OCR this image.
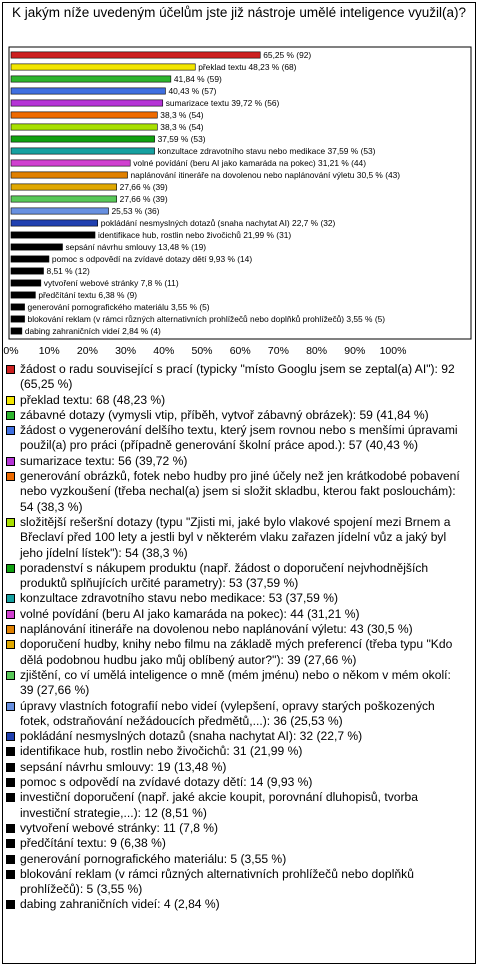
K jakým níže uvedeným účelům jste již nástroje umělé inteligence využil(a)?
65,25 % (92)
překlad textu 48,23 % (68)
41,84 % (59)
40,43 % (57)
sumarizace textu 39,72 % (56)
38,3 % (54)
38,3 % (54)
37,59 % (53)
konzultace zdravotního stavu nebo medikace 37,59 % (53)
volné povídání (beru AI jako kamaráda na pokec) 31,21 % (44)
naplánování itineráře na dovolenou nebo naplánování výletu 30,5 % (43)
27,66 % (39)
27,66 % (39)
25,53 % (36)
pokládání nesmyslných dotazů (snaha nachytat AI) 22,7 % (32)
identifikace hub, rostlin nebo živočichů 21,99 % (31)
sepsání návrhu smlouvy 13,48 % (19)
pomoc s odpovědí na zvídavé dotazy dětí 9,93 % (14)
8,51 % (12)
vytvoření webové stránky 7,8 % (11)
předčítání textu 6,38 % (9)
generování pornografického materiálu 3,55 % (5)
blokování reklam (v rámci různých alternativních prohlížečů nebo doplňků prohlížečů) 3,55 % (5)
dabing zahraničních videí 2,84 % (4)
0% 10% 20% 30% 40% 50% 60% 70% 80% 90% 100%
žádost o radu související s prací (typicky "místo Googlu jsem se zeptal(a) AI"): 92 (65,25 %)
překlad textu: 68 (48,23 %)
zábavné dotazy (vymysli vtip, příběh, vytvoř zábavný obrázek): 59 (41,84 %)
žádost o vygenerování delšího textu, který jsem rovnou nebo s menšími úpravami použil(a) pro práci (případně generování školní práce apod.): 57 (40,43 %)
sumarizace textu: 56 (39,72 %)
generování obrázků, fotek nebo hudby pro jiné účely než jen krátkodobé pobavení nebo vyzkoušení (třeba nechal(a) jsem si složit skladbu, kterou fakt poslouchám): 54 (38,3 %)
složitější rešeršní dotazy (typu "Zjisti mi, jaké bylo vlakové spojení mezi Brnem a Břeclaví před 100 lety a jestli byl v některém vlaku zařazen jídelní vůz a jaký byl jeho jídelní lístek"): 54 (38,3 %)
poradenství s nákupem produktu (např. žádost o doporučení nejvhodnějších produktů splňujících určité parametry): 53 (37,59 %)
konzultace zdravotního stavu nebo medikace: 53 (37,59 %)
volné povídání (beru AI jako kamaráda na pokec): 44 (31,21 %)
naplánování itineráře na dovolenou nebo naplánování výletu: 43 (30,5 %)
doporučení hudby, knihy nebo filmu na základě mých preferencí (třeba typu "Kdo dělá podobnou hudbu jako můj oblíbený autor?"): 39 (27,66 %)
zjištění, co ví umělá inteligence o mně (mém jménu) nebo o někom v mém okolí: 39 (27,66 %)
úpravy vlastních fotografií nebo videí (vylepšení, opravy starých poškozených fotek, odstraňování nežádoucích předmětů,...): 36 (25,53 %)
pokládání nesmyslných dotazů (snaha nachytat AI): 32 (22,7 %)
identifikace hub, rostlin nebo živočichů: 31 (21,99 %)
sepsání návrhu smlouvy: 19 (13,48 %)
pomoc s odpovědí na zvídavé dotazy dětí: 14 (9,93 %)
investiční doporučení (např. jaké akcie koupit, porovnání dluhopisů, tvorba investiční strategie,...): 12 (8,51 %)
vytvoření webové stránky: 11 (7,8 %)
předčítání textu: 9 (6,38 %)
generování pornografického materiálu: 5 (3,55 %)
blokování reklam (v rámci různých alternativních prohlížečů nebo doplňků prohlížečů): 5 (3,55 %)
dabing zahraničních videí: 4 (2,84 %)
